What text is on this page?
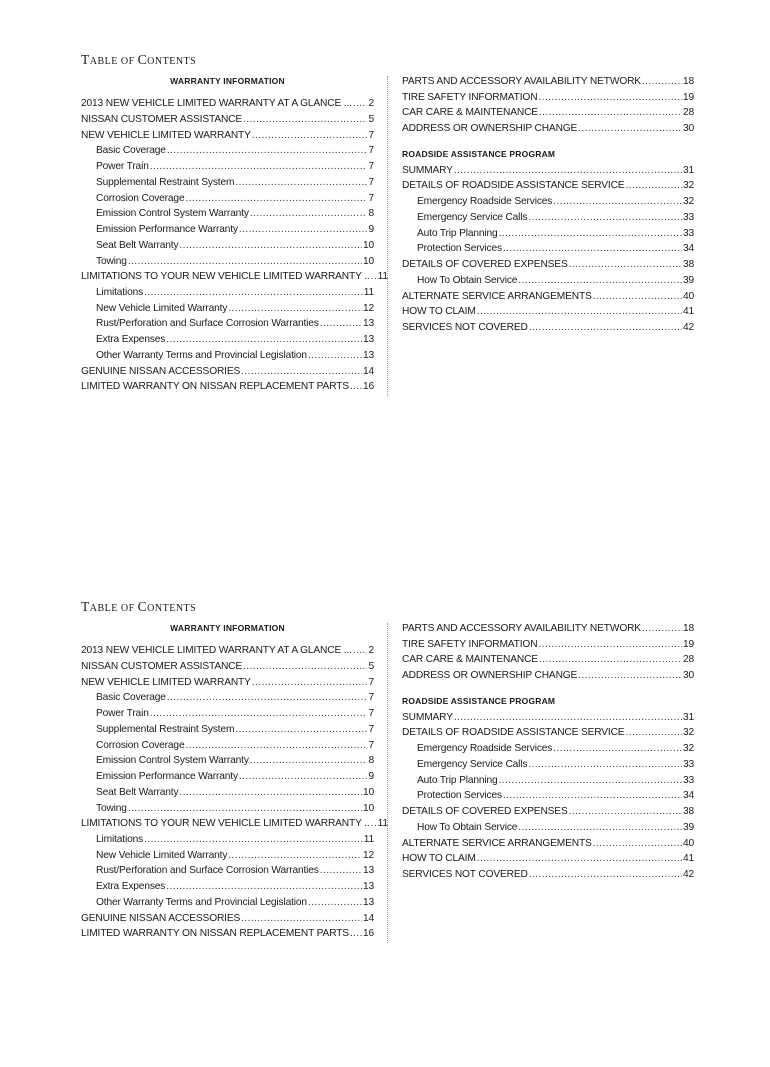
TABLE OF CONTENTS
WARRANTY INFORMATION
2013 NEW VEHICLE LIMITED WARRANTY AT A GLANCE ... ..... 2
NISSAN CUSTOMER ASSISTANCE .....	5
NEW VEHICLE LIMITED WARRANTY .....	7
Basic Coverage .....	7
Power Train .....	7
Supplemental Restraint System .....	7
Corrosion Coverage .....	7
Emission Control System Warranty .....	8
Emission Performance Warranty .....	9
Seat Belt Warranty .....	10
Towing .....	10
LIMITATIONS TO YOUR NEW VEHICLE LIMITED WARRANTY .. ..... 11
Limitations .....	11
New Vehicle Limited Warranty .....	12
Rust/Perforation and Surface Corrosion Warranties .....	13
Extra Expenses .....	13
Other Warranty Terms and Provincial Legislation .....	13
GENUINE NISSAN ACCESSORIES .....	14
LIMITED WARRANTY ON NISSAN REPLACEMENT PARTS ..... 16
PARTS AND ACCESSORY AVAILABILITY NETWORK .....	18
TIRE SAFETY INFORMATION .....	19
CAR CARE & MAINTENANCE .....	28
ADDRESS OR OWNERSHIP CHANGE .....	30
ROADSIDE ASSISTANCE PROGRAM
SUMMARY .....	31
DETAILS OF ROADSIDE ASSISTANCE SERVICE .....	32
Emergency Roadside Services .....	32
Emergency Service Calls .....	33
Auto Trip Planning .....	33
Protection Services .....	34
DETAILS OF COVERED EXPENSES .....	38
How To Obtain Service .....	39
ALTERNATE SERVICE ARRANGEMENTS .....	40
HOW TO CLAIM .....	41
SERVICES NOT COVERED .....	42
TABLE OF CONTENTS
WARRANTY INFORMATION
2013 NEW VEHICLE LIMITED WARRANTY AT A GLANCE ... ..... 2
NISSAN CUSTOMER ASSISTANCE .....	5
NEW VEHICLE LIMITED WARRANTY .....	7
Basic Coverage .....	7
Power Train .....	7
Supplemental Restraint System .....	7
Corrosion Coverage .....	7
Emission Control System Warranty .....	8
Emission Performance Warranty .....	9
Seat Belt Warranty .....	10
Towing .....	10
LIMITATIONS TO YOUR NEW VEHICLE LIMITED WARRANTY .. ..... 11
Limitations .....	11
New Vehicle Limited Warranty .....	12
Rust/Perforation and Surface Corrosion Warranties .....	13
Extra Expenses .....	13
Other Warranty Terms and Provincial Legislation .....	13
GENUINE NISSAN ACCESSORIES .....	14
LIMITED WARRANTY ON NISSAN REPLACEMENT PARTS ..... 16
PARTS AND ACCESSORY AVAILABILITY NETWORK .....	18
TIRE SAFETY INFORMATION .....	19
CAR CARE & MAINTENANCE .....	28
ADDRESS OR OWNERSHIP CHANGE .....	30
ROADSIDE ASSISTANCE PROGRAM
SUMMARY .....	31
DETAILS OF ROADSIDE ASSISTANCE SERVICE .....	32
Emergency Roadside Services .....	32
Emergency Service Calls .....	33
Auto Trip Planning .....	33
Protection Services .....	34
DETAILS OF COVERED EXPENSES .....	38
How To Obtain Service .....	39
ALTERNATE SERVICE ARRANGEMENTS .....	40
HOW TO CLAIM .....	41
SERVICES NOT COVERED .....	42
